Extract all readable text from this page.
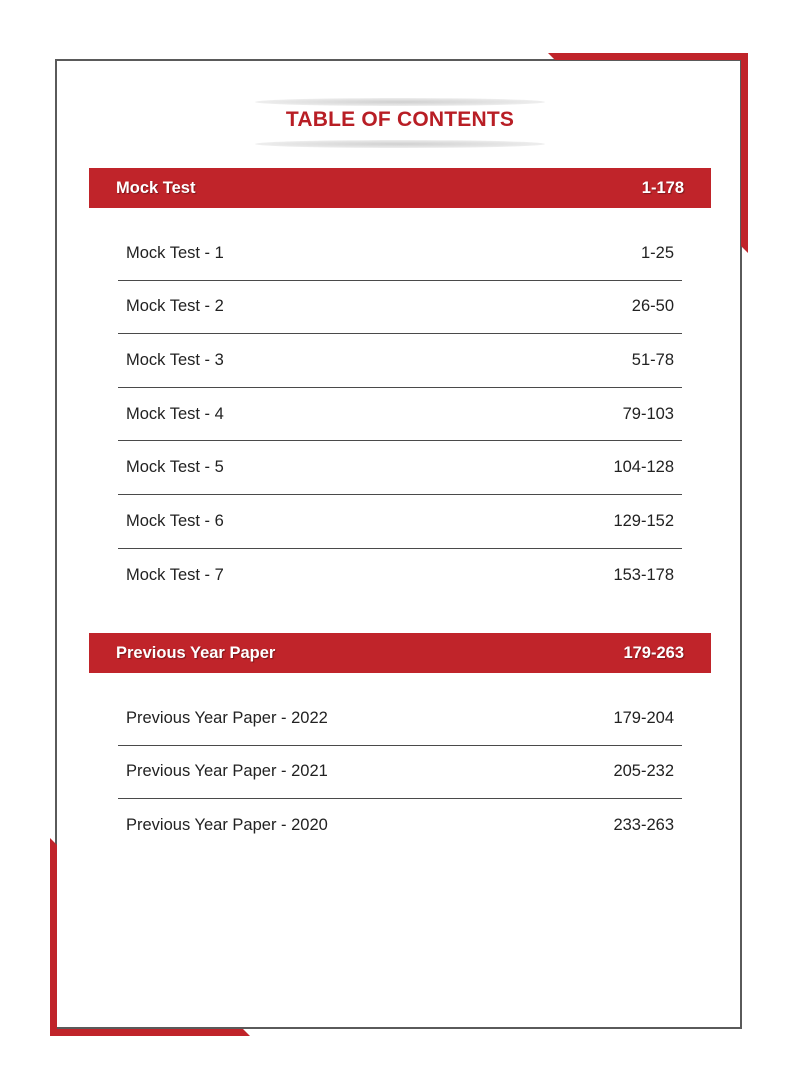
TABLE OF CONTENTS
Mock Test	1-178
Mock Test - 1	1-25
Mock Test - 2	26-50
Mock Test - 3	51-78
Mock Test - 4	79-103
Mock Test - 5	104-128
Mock Test - 6	129-152
Mock Test - 7	153-178
Previous Year Paper	179-263
Previous Year Paper - 2022	179-204
Previous Year Paper - 2021	205-232
Previous Year Paper - 2020	233-263
